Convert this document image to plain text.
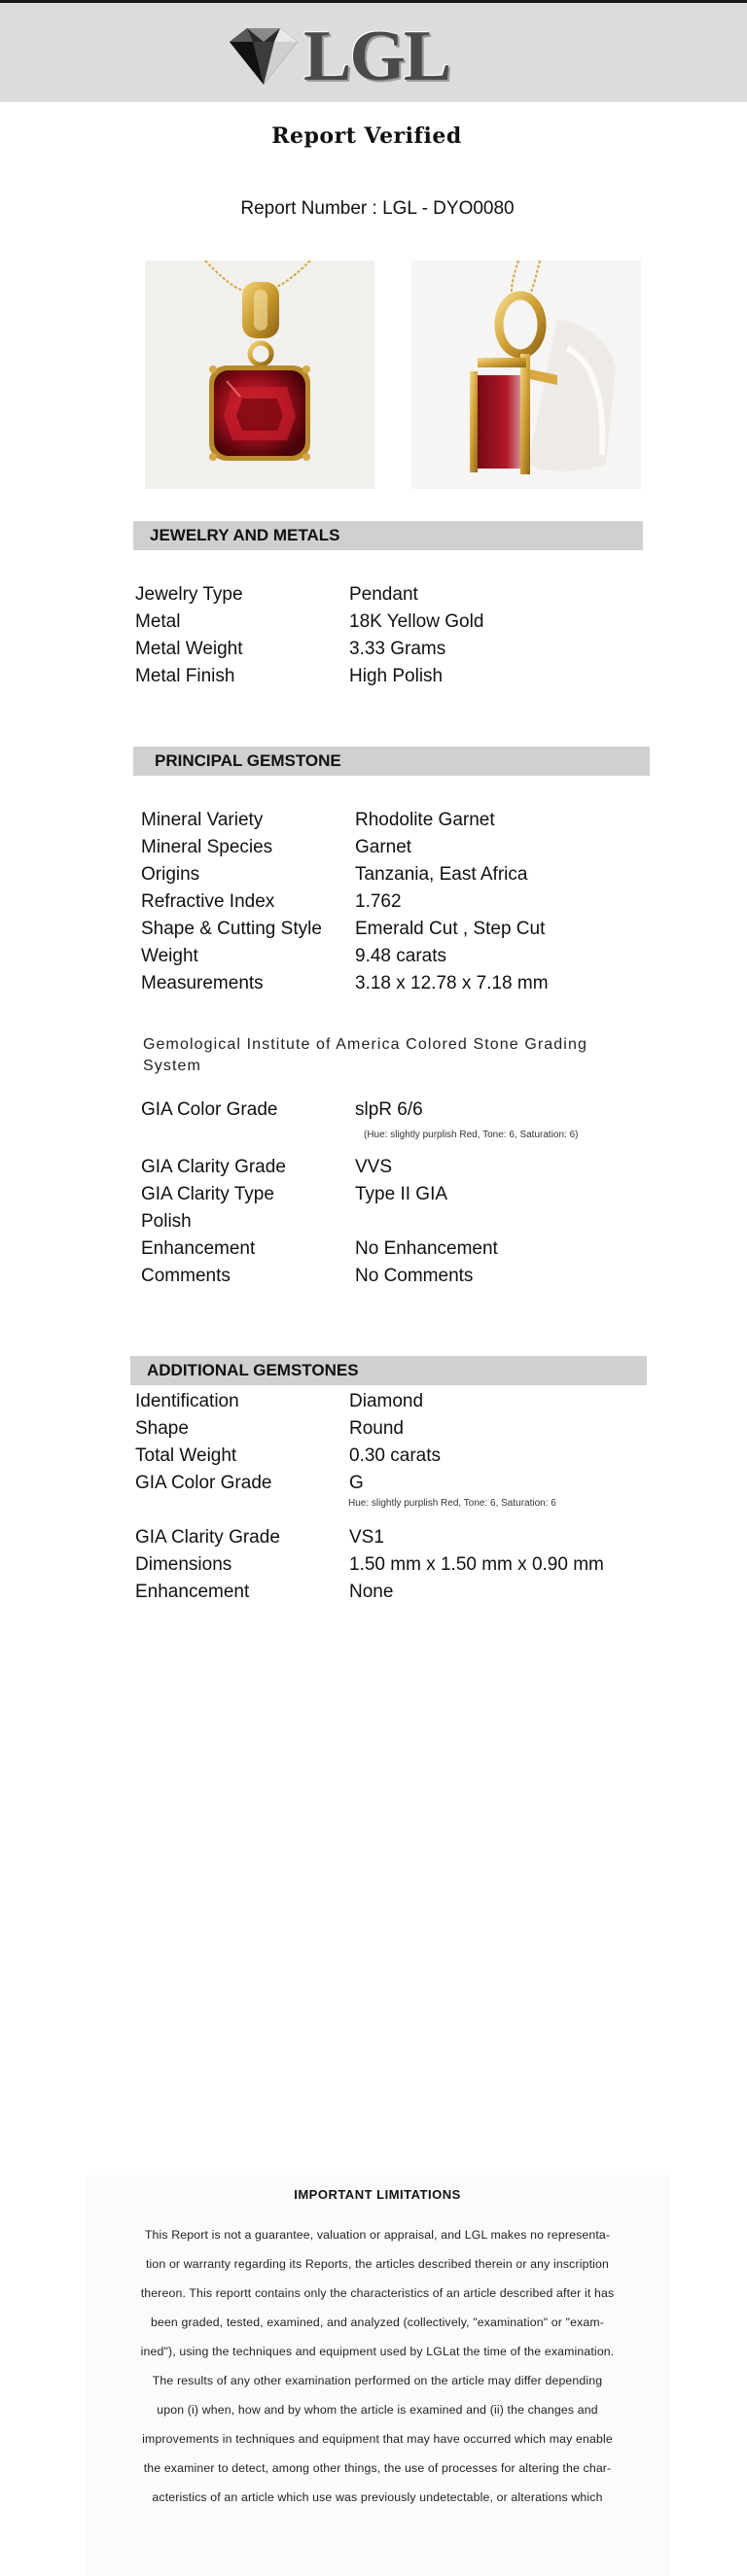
LGL
Report Verified
Report Number : LGL - DYO0080
JEWELRY AND METALS
Jewelry Type	Pendant
Metal	18K Yellow Gold
Metal Weight	3.33 Grams
Metal Finish	High Polish
PRINCIPAL GEMSTONE
Mineral Variety	Rhodolite Garnet
Mineral Species	Garnet
Origins	Tanzania, East Africa
Refractive Index	1.762
Shape & Cutting Style	Emerald Cut , Step Cut
Weight	9.48 carats
Measurements	3.18 x 12.78 x 7.18 mm
Gemological Institute of America Colored Stone Grading System
GIA Color Grade	slpR 6/6
(Hue: slightly purplish Red, Tone: 6, Saturation: 6)
GIA Clarity Grade	VVS
GIA Clarity Type	Type II GIA
Polish
Enhancement	No Enhancement
Comments	No Comments
ADDITIONAL GEMSTONES
Identification	Diamond
Shape	Round
Total Weight	0.30 carats
GIA Color Grade	G
Hue: slightly purplish Red, Tone: 6, Saturation: 6
GIA Clarity Grade	VS1
Dimensions	1.50 mm x 1.50 mm x 0.90 mm
Enhancement	None
IMPORTANT LIMITATIONS
This Report is not a guarantee, valuation or appraisal, and LGL makes no representa-
tion or warranty regarding its Reports, the articles described therein or any inscription
thereon. This reportt contains only the characteristics of an article described after it has
been graded, tested, examined, and analyzed (collectively, "examination" or "exam-
ined"), using the techniques and equipment used by LGLat the time of the examination.
The results of any other examination performed on the article may differ depending
upon (i) when, how and by whom the article is examined and (ii) the changes and
improvements in techniques and equipment that may have occurred which may enable
the examiner to detect, among other things, the use of processes for altering the char-
acteristics of an article which use was previously undetectable, or alterations which
